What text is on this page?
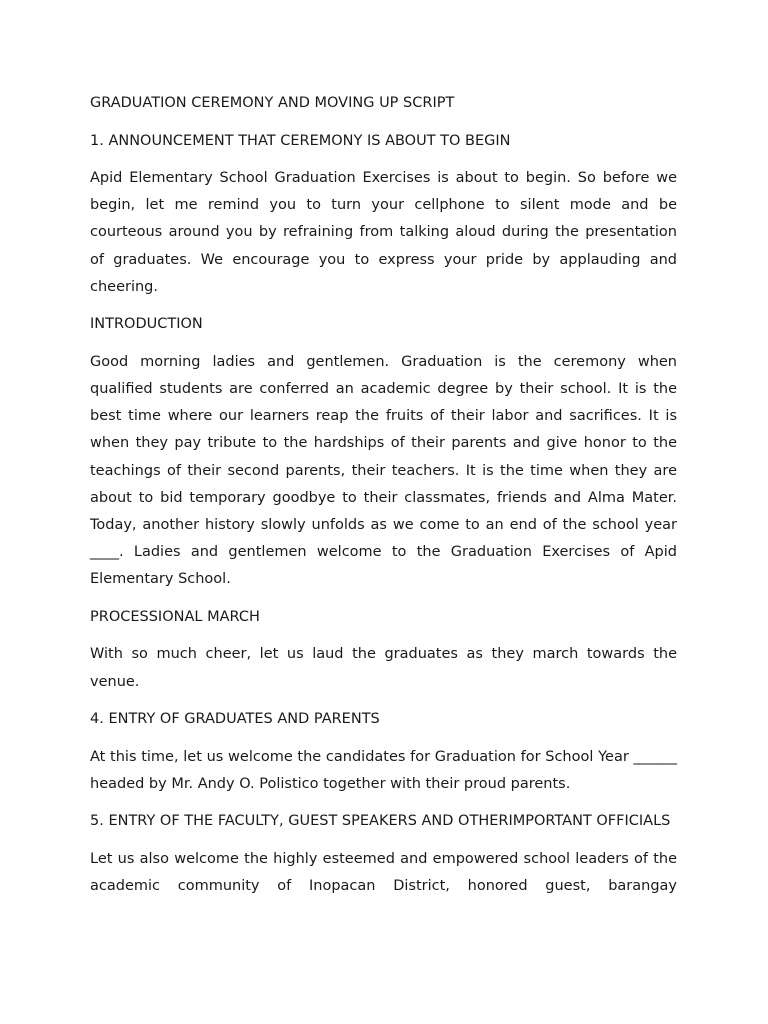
GRADUATION CEREMONY AND MOVING UP SCRIPT

1. ANNOUNCEMENT THAT CEREMONY IS ABOUT TO BEGIN

Apid Elementary School Graduation Exercises is about to begin. So before we begin, let me remind you to turn your cellphone to silent mode and be courteous around you by refraining from talking aloud during the presentation of graduates. We encourage you to express your pride by applauding and cheering.

INTRODUCTION

Good morning ladies and gentlemen. Graduation is the ceremony when qualified students are conferred an academic degree by their school. It is the best time where our learners reap the fruits of their labor and sacrifices. It is when they pay tribute to the hardships of their parents and give honor to the teachings of their second parents, their teachers. It is the time when they are about to bid temporary goodbye to their classmates, friends and Alma Mater. Today, another history slowly unfolds as we come to an end of the school year ____. Ladies and gentlemen welcome to the Graduation Exercises of Apid Elementary School.

PROCESSIONAL MARCH

With so much cheer, let us laud the graduates as they march towards the venue.

4. ENTRY OF GRADUATES AND PARENTS

At this time, let us welcome the candidates for Graduation for School Year ______ headed by Mr. Andy O. Polistico together with their proud parents.

5. ENTRY OF THE FACULTY, GUEST SPEAKERS AND OTHERIMPORTANT OFFICIALS

Let us also welcome the highly esteemed and empowered school leaders of the academic community of Inopacan District, honored guest, barangay
